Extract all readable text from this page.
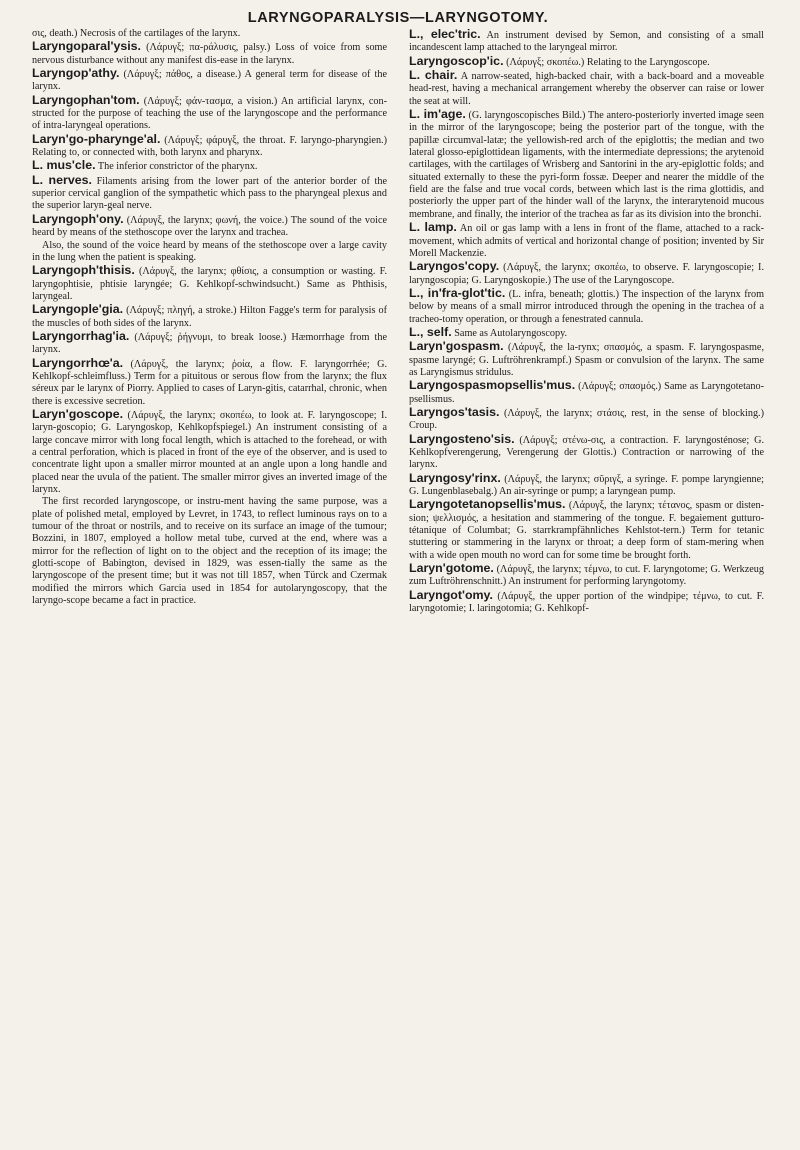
LARYNGOPARALYSIS—LARYNGOTOMY.

σις, death.) Necrosis of the cartilages of the larynx.

Laryngoparal'ysis. (Λάρυγξ; πα-ράλυσις, palsy.) Loss of voice from some nervous disturbance without any manifest dis-ease in the larynx.

Laryngop'athy. (Λάρυγξ; πάθος, a disease.) A general term for disease of the larynx.

Laryngophan'tom. (Λάρυγξ; φάν-τασμα, a vision.) An artificial larynx, con-structed for the purpose of teaching the use of the laryngoscope and the performance of intra-laryngeal operations.

Laryn'go-pharynge'al. (Λάρυγξ; φάρυγξ, the throat. F. laryngo-pharyngien.) Relating to, or connected with, both larynx and pharynx.

L. mus'cle. The inferior constrictor of the pharynx.

L. nerves. Filaments arising from the lower part of the anterior border of the superior cervical ganglion of the sympathetic which pass to the pharyngeal plexus and the superior laryn-geal nerve.

Laryngoph'ony. (Λάρυγξ, the larynx; φωνή, the voice.) The sound of the voice heard by means of the stethoscope over the larynx and trachea.

Also, the sound of the voice heard by means of the stethoscope over a large cavity in the lung when the patient is speaking.

Laryngoph'thisis. (Λάρυγξ, the larynx; φθίσις, a consumption or wasting. F. laryngophtisie, phtisie laryngée; G. Kehlkopf-schwindsucht.) Same as Phthisis, laryngeal.

Laryngople'gia. (Λάρυγξ; πληγή, a stroke.) Hilton Fagge's term for paralysis of the muscles of both sides of the larynx.

Laryngorrhag'ia. (Λάρυγξ; ῥήγνυμι, to break loose.) Hæmorrhage from the larynx.

Laryngorrhœ'a. (Λάρυγξ, the larynx; ῥοία, a flow. F. laryngorrhée; G. Kehlkopf-schleimfluss.) Term for a pituitous or serous flow from the larynx; the flux séreux par le larynx of Piorry. Applied to cases of Laryn-gitis, catarrhal, chronic, when there is excessive secretion.

Laryn'goscope. (Λάρυγξ, the larynx; σκοπέω, to look at. F. laryngoscope; I. laryn-goscopio; G. Laryngoskop, Kehlkopfspiegel.) An instrument consisting of a large concave mirror with long focal length, which is attached to the forehead, or with a central perforation, which is placed in front of the eye of the observer, and is used to concentrate light upon a smaller mirror mounted at an angle upon a long handle and placed near the uvula of the patient. The smaller mirror gives an inverted image of the larynx.

The first recorded laryngoscope, or instru-ment having the same purpose, was a plate of polished metal, employed by Levret, in 1743, to reflect luminous rays on to a tumour of the throat or nostrils, and to receive on its surface an image of the tumour; Bozzini, in 1807, employed a hollow metal tube, curved at the end, where was a mirror for the reflection of light on to the object and the reception of its image; the glotti-scope of Babington, devised in 1829, was essen-tially the same as the laryngoscope of the present time; but it was not till 1857, when Türck and Czermak modified the mirrors which Garcia used in 1854 for autolaryngoscopy, that the laryngo-scope became a fact in practice.

L., elec'tric. An instrument devised by Semon, and consisting of a small incandescent lamp attached to the laryngeal mirror.

Laryngoscop'ic. (Λάρυγξ; σκοπέω.) Relating to the Laryngoscope.

L. chair. A narrow-seated, high-backed chair, with a back-board and a moveable head-rest, having a mechanical arrangement whereby the observer can raise or lower the seat at will.

L. im'age. (G. laryngoscopisches Bild.) The antero-posteriorly inverted image seen in the mirror of the laryngoscope; being the posterior part of the tongue, with the papillæ circumval-latæ; the yellowish-red arch of the epiglottis; the median and two lateral glosso-epiglottidean ligaments, with the intermediate depressions; the arytenoid cartilages, with the cartilages of Wrisberg and Santorini in the ary-epiglottic folds; and situated externally to these the pyri-form fossæ. Deeper and nearer the middle of the field are the false and true vocal cords, between which last is the rima glottidis, and posteriorly the upper part of the hinder wall of the larynx, the interarytenoid mucous membrane, and finally, the interior of the trachea as far as its division into the bronchi.

L. lamp. An oil or gas lamp with a lens in front of the flame, attached to a rack-movement, which admits of vertical and horizontal change of position; invented by Sir Morell Mackenzie.

Laryngos'copy. (Λάρυγξ, the larynx; σκοπέω, to observe. F. laryngoscopie; I. laryngoscopia; G. Laryngoskopie.) The use of the Laryngoscope.

L., in'fra-glot'tic. (L. infra, beneath; glottis.) The inspection of the larynx from below by means of a small mirror introduced through the opening in the trachea of a tracheo-tomy operation, or through a fenestrated cannula.

L., self. Same as Autolaryngoscopy.

Laryn'gospasm. (Λάρυγξ, the la-rynx; σπασμός, a spasm. F. laryngospasme, spasme laryngé; G. Luftröhrenkrampf.) Spasm or convulsion of the larynx. The same as Laryngismus stridulus.

Laryngospasmopsellis'mus. (Λάρυγξ; σπασμός.) Same as Laryngotetano-psellismus.

Laryngos'tasis. (Λάρυγξ, the larynx; στάσις, rest, in the sense of blocking.) Croup.

Laryngosteno'sis. (Λάρυγξ; στένω-σις, a contraction. F. laryngosténose; G. Kehlkopfverengerung, Verengerung der Glottis.) Contraction or narrowing of the larynx.

Laryngosy'rinx. (Λάρυγξ, the larynx; σῦριγξ, a syringe. F. pompe laryngienne; G. Lungenblasebalg.) An air-syringe or pump; a laryngean pump.

Laryngotetanopsellis'mus. (Λάρυγξ, the larynx; τέτανος, spasm or disten-sion; ψελλισμός, a hesitation and stammering of the tongue. F. begaiement gutturo-tétanique of Columbat; G. starrkrampfähnliches Kehlstot-tern.) Term for tetanic stuttering or stammering in the larynx or throat; a deep form of stam-mering when with a wide open mouth no word can for some time be brought forth.

Laryn'gotome. (Λάρυγξ, the larynx; τέμνω, to cut. F. laryngotome; G. Werkzeug zum Luftröhrenschnitt.) An instrument for performing laryngotomy.

Laryngot'omy. (Λάρυγξ, the upper portion of the windpipe; τέμνω, to cut. F. laryngotomie; I. laringotomia; G. Kehlkopf-
